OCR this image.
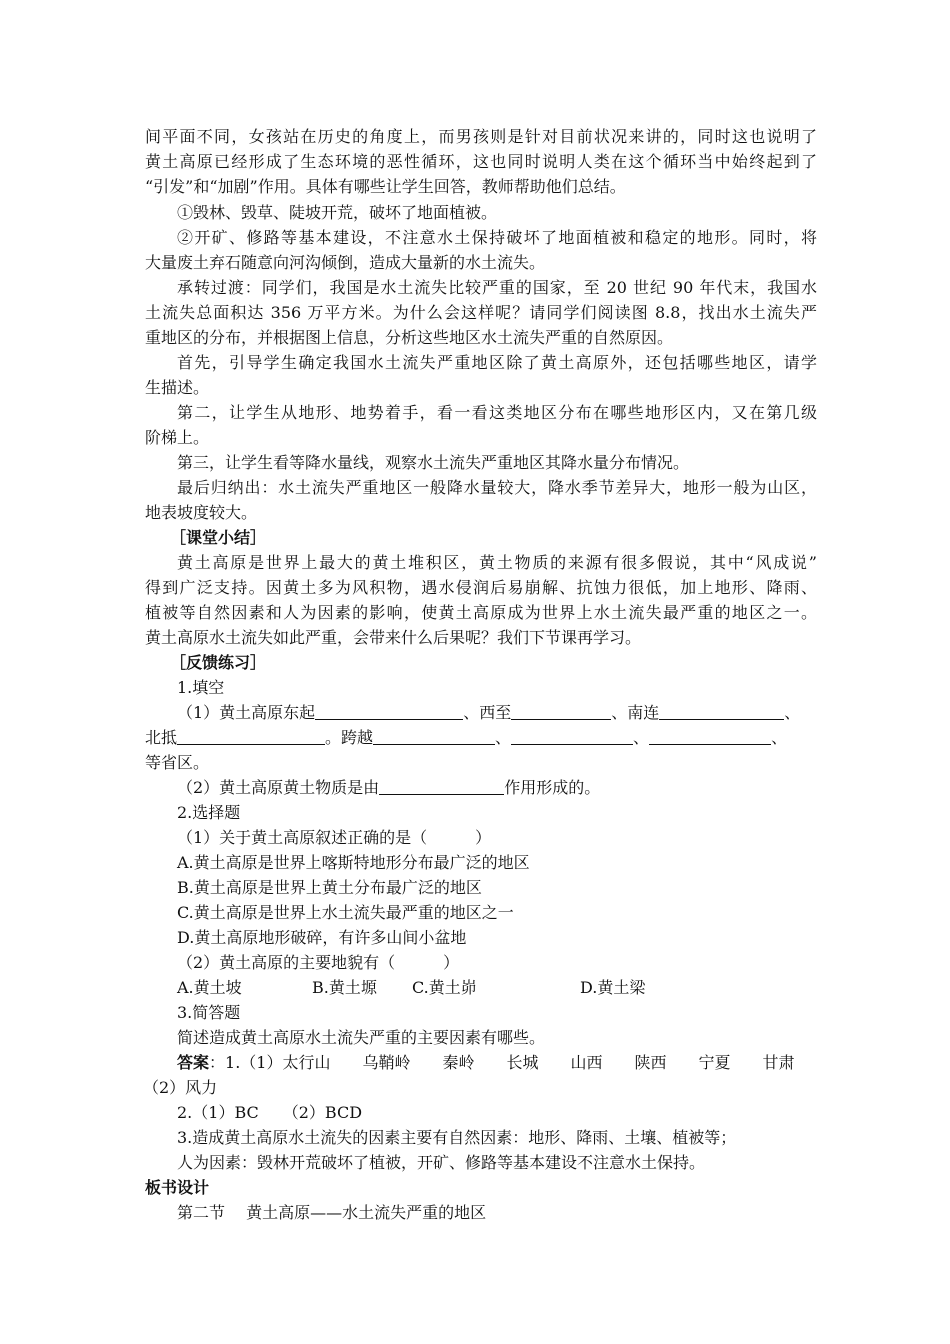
间平面不同，女孩站在历史的角度上，而男孩则是针对目前状况来讲的，同时这也说明了
黄土高原已经形成了生态环境的恶性循环，这也同时说明人类在这个循环当中始终起到了
“引发”和“加剧”作用。具体有哪些让学生回答，教师帮助他们总结。
①毁林、毁草、陡坡开荒，破坏了地面植被。
②开矿、修路等基本建设，不注意水土保持破坏了地面植被和稳定的地形。同时，将
大量废土弃石随意向河沟倾倒，造成大量新的水土流失。
承转过渡：同学们，我国是水土流失比较严重的国家，至 20 世纪 90 年代末，我国水
土流失总面积达 356 万平方米。为什么会这样呢？请同学们阅读图 8.8，找出水土流失严
重地区的分布，并根据图上信息，分析这些地区水土流失严重的自然原因。
首先，引导学生确定我国水土流失严重地区除了黄土高原外，还包括哪些地区，请学
生描述。
第二，让学生从地形、地势着手，看一看这类地区分布在哪些地形区内，又在第几级
阶梯上。
第三，让学生看等降水量线，观察水土流失严重地区其降水量分布情况。
最后归纳出：水土流失严重地区一般降水量较大，降水季节差异大，地形一般为山区，
地表坡度较大。
［课堂小结］
黄土高原是世界上最大的黄土堆积区，黄土物质的来源有很多假说，其中“风成说”
得到广泛支持。因黄土多为风积物，遇水侵润后易崩解、抗蚀力很低，加上地形、降雨、
植被等自然因素和人为因素的影响，使黄土高原成为世界上水土流失最严重的地区之一。
黄土高原水土流失如此严重，会带来什么后果呢？我们下节课再学习。
［反馈练习］
1.填空
（1）黄土高原东起	、西至	、南连	、
北抵	。跨越	、	、	、
等省区。
（2）黄土高原黄土物质是由	作用形成的。
2.选择题
（1）关于黄土高原叙述正确的是（　　　）
A.黄土高原是世界上喀斯特地形分布最广泛的地区
B.黄土高原是世界上黄土分布最广泛的地区
C.黄土高原是世界上水土流失最严重的地区之一
D.黄土高原地形破碎，有许多山间小盆地
（2）黄土高原的主要地貌有（　　　）
A.黄土坡	B.黄土塬 C.黄土峁	D.黄土梁
3.简答题
简述造成黄土高原水土流失严重的主要因素有哪些。
答案：1.（1）太行山　　乌鞘岭　　秦岭　　长城　　山西　　陕西　　宁夏　　甘肃
（2）风力
2.（1）BC　　（2）BCD
3.造成黄土高原水土流失的因素主要有自然因素：地形、降雨、土壤、植被等；
人为因素：毁林开荒破坏了植被，开矿、修路等基本建设不注意水土保持。
板书设计
第二节　 黄土高原——水土流失严重的地区
